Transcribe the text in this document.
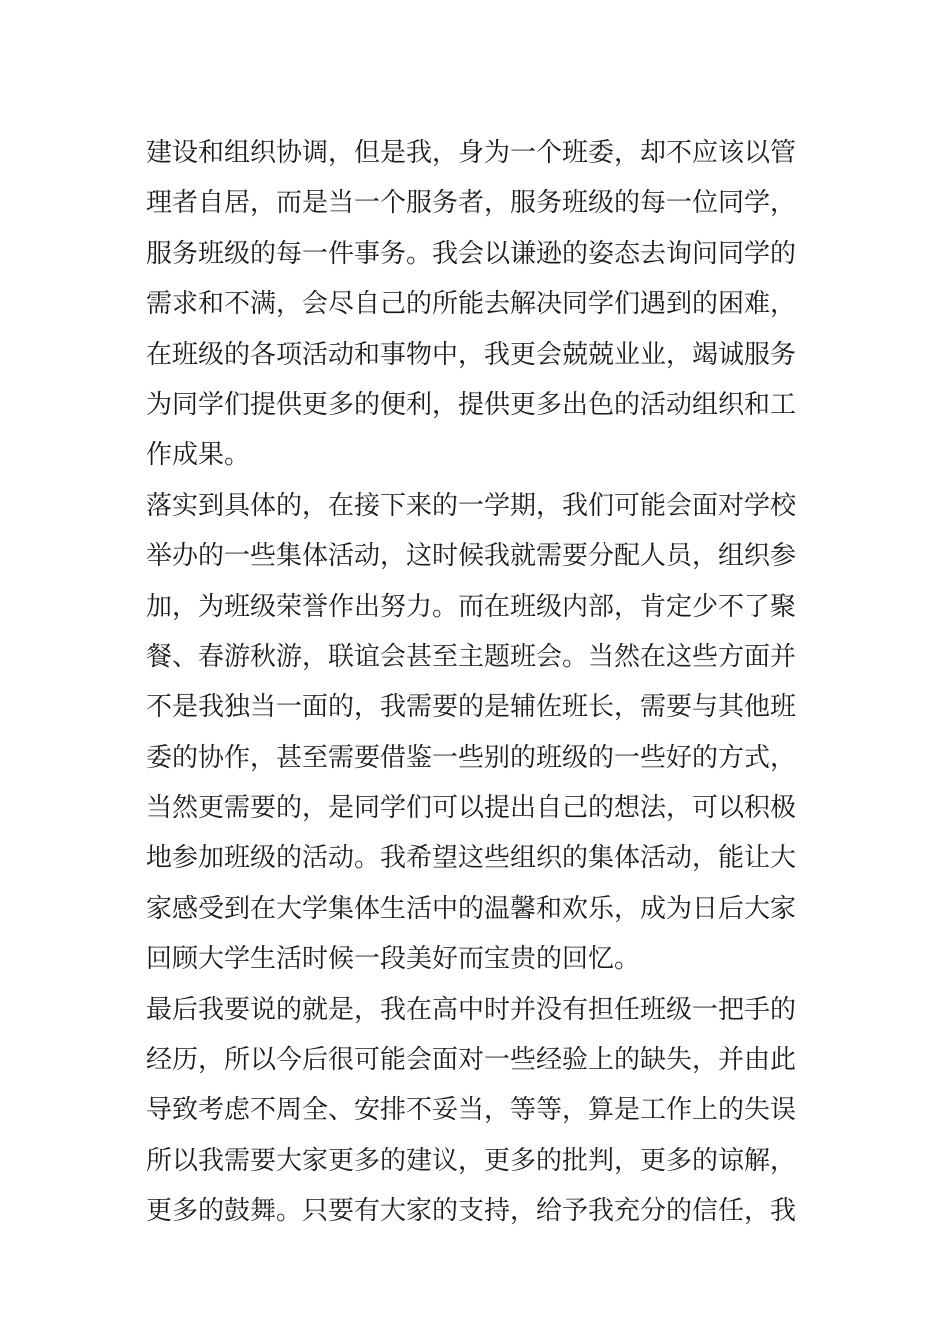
建设和组织协调，但是我，身为一个班委，却不应该以管
理者自居，而是当一个服务者，服务班级的每一位同学，
服务班级的每一件事务。我会以谦逊的姿态去询问同学的
需求和不满，会尽自己的所能去解决同学们遇到的困难，
在班级的各项活动和事物中，我更会兢兢业业，竭诚服务
为同学们提供更多的便利，提供更多出色的活动组织和工
作成果。
落实到具体的，在接下来的一学期，我们可能会面对学校
举办的一些集体活动，这时候我就需要分配人员，组织参
加，为班级荣誉作出努力。而在班级内部，肯定少不了聚
餐、春游秋游，联谊会甚至主题班会。当然在这些方面并
不是我独当一面的，我需要的是辅佐班长，需要与其他班
委的协作，甚至需要借鉴一些别的班级的一些好的方式，
当然更需要的，是同学们可以提出自己的想法，可以积极
地参加班级的活动。我希望这些组织的集体活动，能让大
家感受到在大学集体生活中的温馨和欢乐，成为日后大家
回顾大学生活时候一段美好而宝贵的回忆。
最后我要说的就是，我在高中时并没有担任班级一把手的
经历，所以今后很可能会面对一些经验上的缺失，并由此
导致考虑不周全、安排不妥当，等等，算是工作上的失误
所以我需要大家更多的建议，更多的批判，更多的谅解，
更多的鼓舞。只要有大家的支持，给予我充分的信任，我
